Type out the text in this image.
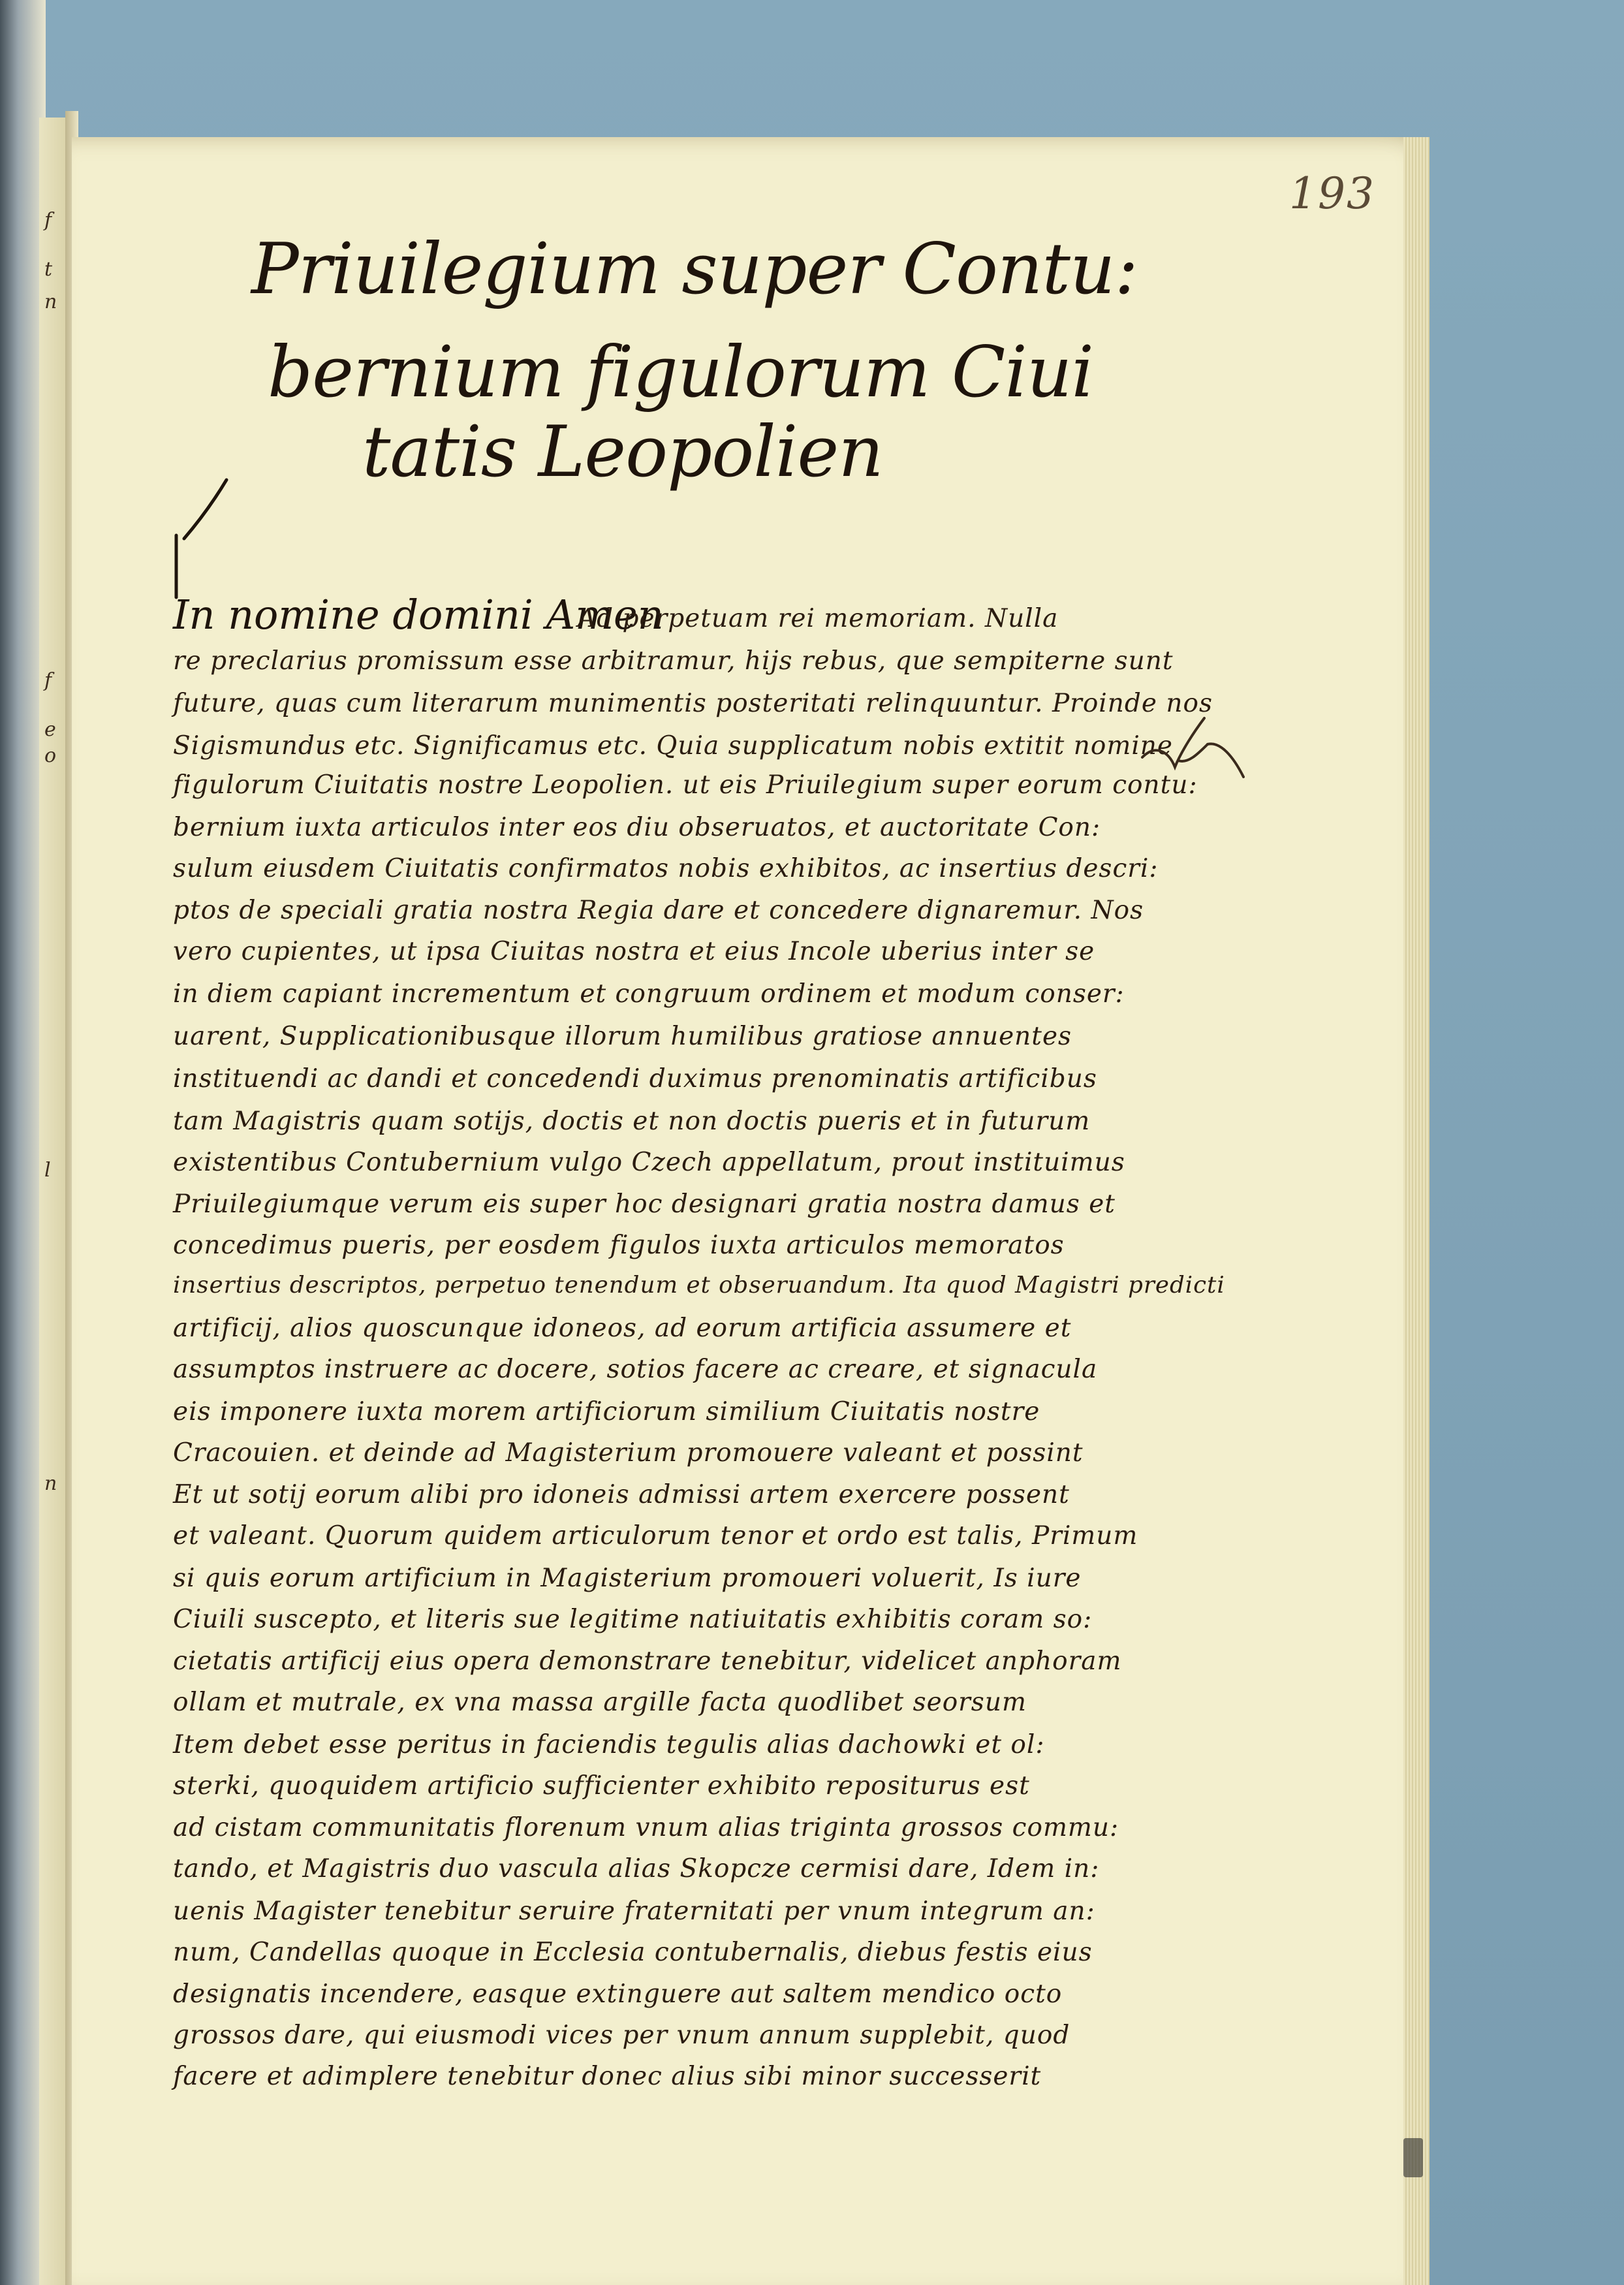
f
t
n
f
e
o
l
n
193
Priuilegium super Contu:
bernium figulorum Ciui
tatis Leopolien
In nomine domini Amen
Ad perpetuam rei memoriam. Nulla
re preclarius promissum esse arbitramur, hijs rebus, que sempiterne sunt
future, quas cum literarum munimentis posteritati relinquuntur. Proinde nos
Sigismundus etc. Significamus etc. Quia supplicatum nobis extitit nomine
figulorum Ciuitatis nostre Leopolien. ut eis Priuilegium super eorum contu:
bernium iuxta articulos inter eos diu obseruatos, et auctoritate Con:
sulum eiusdem Ciuitatis confirmatos nobis exhibitos, ac insertius descri:
ptos de speciali gratia nostra Regia dare et concedere dignaremur. Nos
vero cupientes, ut ipsa Ciuitas nostra et eius Incole uberius inter se
in diem capiant incrementum et congruum ordinem et modum conser:
uarent, Supplicationibusque illorum humilibus gratiose annuentes
instituendi ac dandi et concedendi duximus prenominatis artificibus
tam Magistris quam sotijs, doctis et non doctis pueris et in futurum
existentibus Contubernium vulgo Czech appellatum, prout instituimus
Priuilegiumque verum eis super hoc designari gratia nostra damus et
concedimus pueris, per eosdem figulos iuxta articulos memoratos
insertius descriptos, perpetuo tenendum et obseruandum. Ita quod Magistri predicti
artificij, alios quoscunque idoneos, ad eorum artificia assumere et
assumptos instruere ac docere, sotios facere ac creare, et signacula
eis imponere iuxta morem artificiorum similium Ciuitatis nostre
Cracouien. et deinde ad Magisterium promouere valeant et possint
Et ut sotij eorum alibi pro idoneis admissi artem exercere possent
et valeant. Quorum quidem articulorum tenor et ordo est talis, Primum
si quis eorum artificium in Magisterium promoueri voluerit, Is iure
Ciuili suscepto, et literis sue legitime natiuitatis exhibitis coram so:
cietatis artificij eius opera demonstrare tenebitur, videlicet anphoram
ollam et mutrale, ex vna massa argille facta quodlibet seorsum
Item debet esse peritus in faciendis tegulis alias dachowki et ol:
sterki, quoquidem artificio sufficienter exhibito repositurus est
ad cistam communitatis florenum vnum alias triginta grossos commu:
tando, et Magistris duo vascula alias Skopcze cermisi dare, Idem in:
uenis Magister tenebitur seruire fraternitati per vnum integrum an:
num, Candellas quoque in Ecclesia contubernalis, diebus festis eius
designatis incendere, easque extinguere aut saltem mendico octo
grossos dare, qui eiusmodi vices per vnum annum supplebit, quod
facere et adimplere tenebitur donec alius sibi minor successerit
